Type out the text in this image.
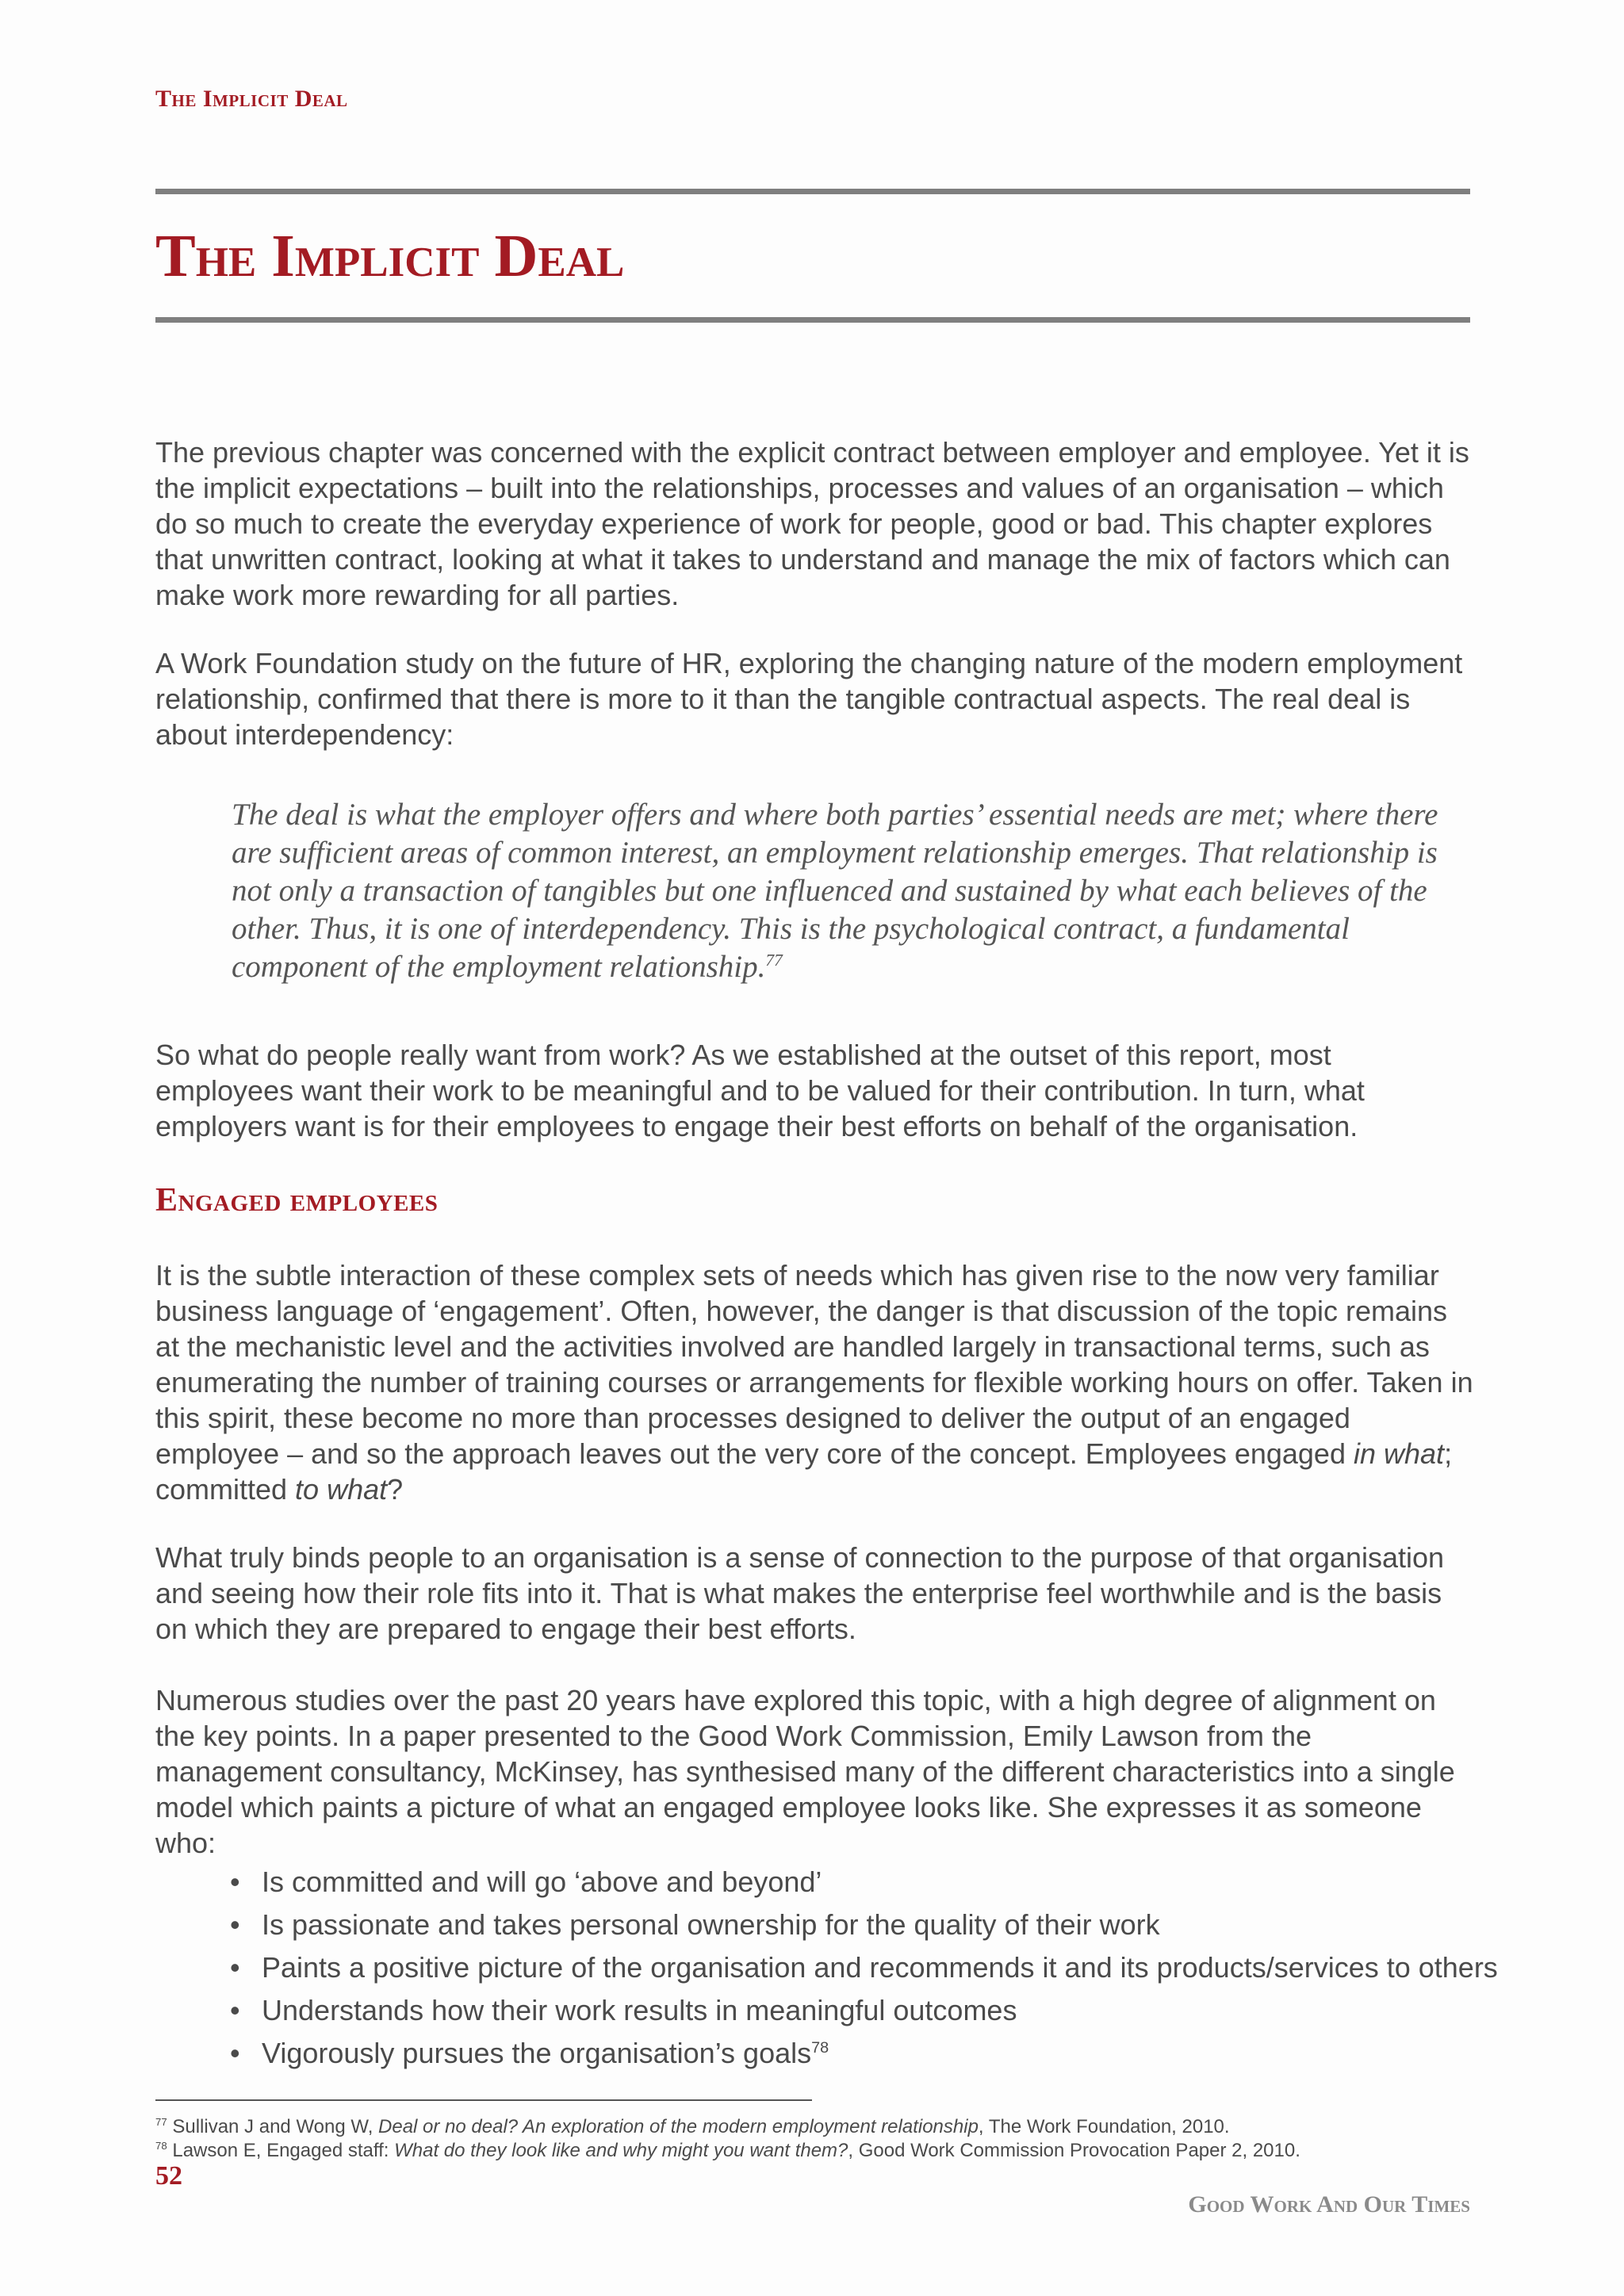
The Implicit Deal
The Implicit Deal

The previous chapter was concerned with the explicit contract between employer and employee. Yet it is the implicit expectations – built into the relationships, processes and values of an organisation – which do so much to create the everyday experience of work for people, good or bad. This chapter explores that unwritten contract, looking at what it takes to understand and manage the mix of factors which can make work more rewarding for all parties.

A Work Foundation study on the future of HR, exploring the changing nature of the modern employment relationship, confirmed that there is more to it than the tangible contractual aspects. The real deal is about interdependency:

The deal is what the employer offers and where both parties’ essential needs are met; where there are sufficient areas of common interest, an employment relationship emerges. That relationship is not only a transaction of tangibles but one influenced and sustained by what each believes of the other. Thus, it is one of interdependency. This is the psychological contract, a fundamental component of the employment relationship.$^{77}$

So what do people really want from work? As we established at the outset of this report, most employees want their work to be meaningful and to be valued for their contribution. In turn, what employers want is for their employees to engage their best efforts on behalf of the organisation.

Engaged employees

It is the subtle interaction of these complex sets of needs which has given rise to the now very familiar business language of ‘engagement’. Often, however, the danger is that discussion of the topic remains at the mechanistic level and the activities involved are handled largely in transactional terms, such as enumerating the number of training courses or arrangements for flexible working hours on offer. Taken in this spirit, these become no more than processes designed to deliver the output of an engaged employee – and so the approach leaves out the very core of the concept. Employees engaged in what; committed to what?

What truly binds people to an organisation is a sense of connection to the purpose of that organisation and seeing how their role fits into it. That is what makes the enterprise feel worthwhile and is the basis on which they are prepared to engage their best efforts.

Numerous studies over the past 20 years have explored this topic, with a high degree of alignment on the key points. In a paper presented to the Good Work Commission, Emily Lawson from the management consultancy, McKinsey, has synthesised many of the different characteristics into a single model which paints a picture of what an engaged employee looks like. She expresses it as someone who:

• Is committed and will go ‘above and beyond’
• Is passionate and takes personal ownership for the quality of their work
• Paints a positive picture of the organisation and recommends it and its products/services to others
• Understands how their work results in meaningful outcomes
• Vigorously pursues the organisation’s goals$^{78}$
$^{77}$ Sullivan J and Wong W, Deal or no deal? An exploration of the modern employment relationship, The Work Foundation, 2010.
$^{78}$ Lawson E, Engaged staff: What do they look like and why might you want them?, Good Work Commission Provocation Paper 2, 2010.
52
Good Work And Our Times
